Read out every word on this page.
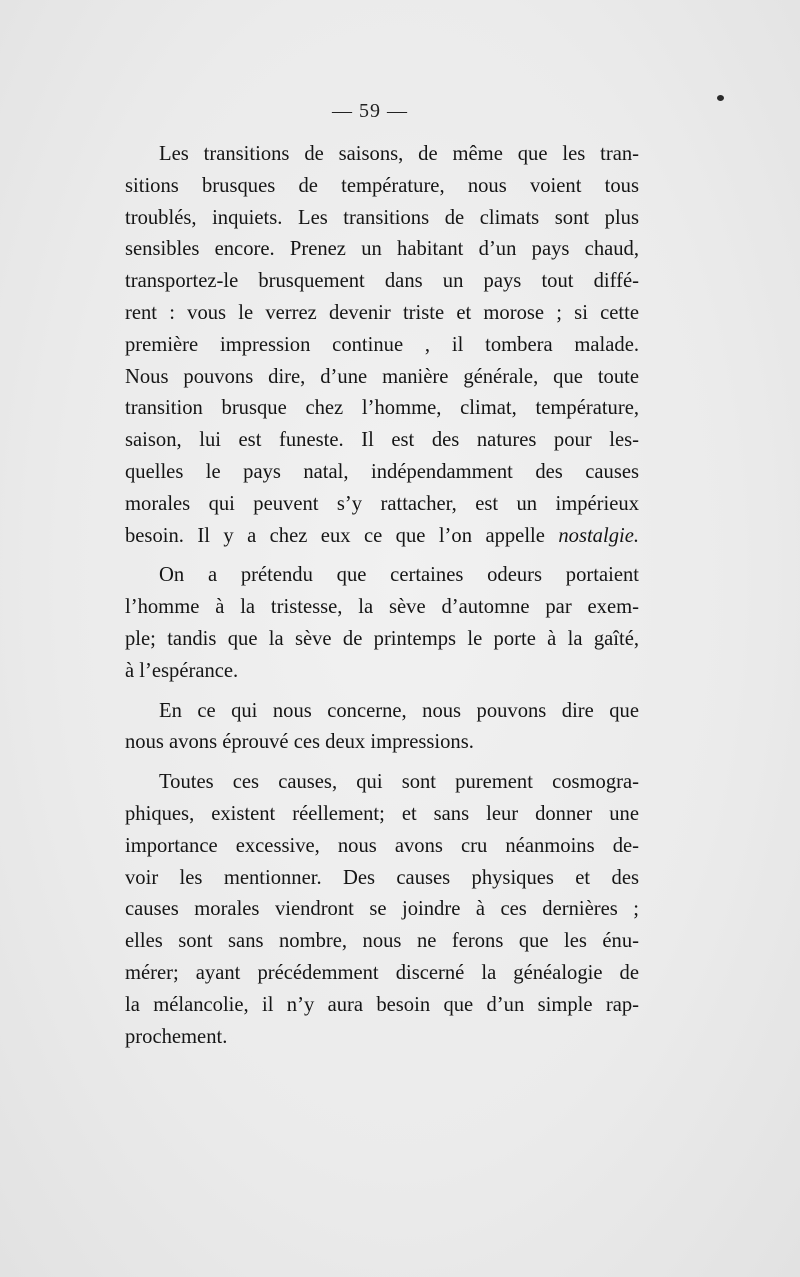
— 59 —
Les transitions de saisons, de même que les tran-
sitions brusques de température, nous voient tous
troublés, inquiets. Les transitions de climats sont plus
sensibles encore. Prenez un habitant d’un pays chaud,
transportez-le brusquement dans un pays tout diffé-
rent : vous le verrez devenir triste et morose ; si cette
première impression continue , il tombera malade.
Nous pouvons dire, d’une manière générale, que toute
transition brusque chez l’homme, climat, température,
saison, lui est funeste. Il est des natures pour les-
quelles le pays natal, indépendamment des causes
morales qui peuvent s’y rattacher, est un impérieux
besoin. Il y a chez eux ce que l’on appelle nostalgie.
On a prétendu que certaines odeurs portaient
l’homme à la tristesse, la sève d’automne par exem-
ple; tandis que la sève de printemps le porte à la gaîté,
à l’espérance.
En ce qui nous concerne, nous pouvons dire que
nous avons éprouvé ces deux impressions.
Toutes ces causes, qui sont purement cosmogra-
phiques, existent réellement; et sans leur donner une
importance excessive, nous avons cru néanmoins de-
voir les mentionner. Des causes physiques et des
causes morales viendront se joindre à ces dernières ;
elles sont sans nombre, nous ne ferons que les énu-
mérer; ayant précédemment discerné la généalogie de
la mélancolie, il n’y aura besoin que d’un simple rap-
prochement.
